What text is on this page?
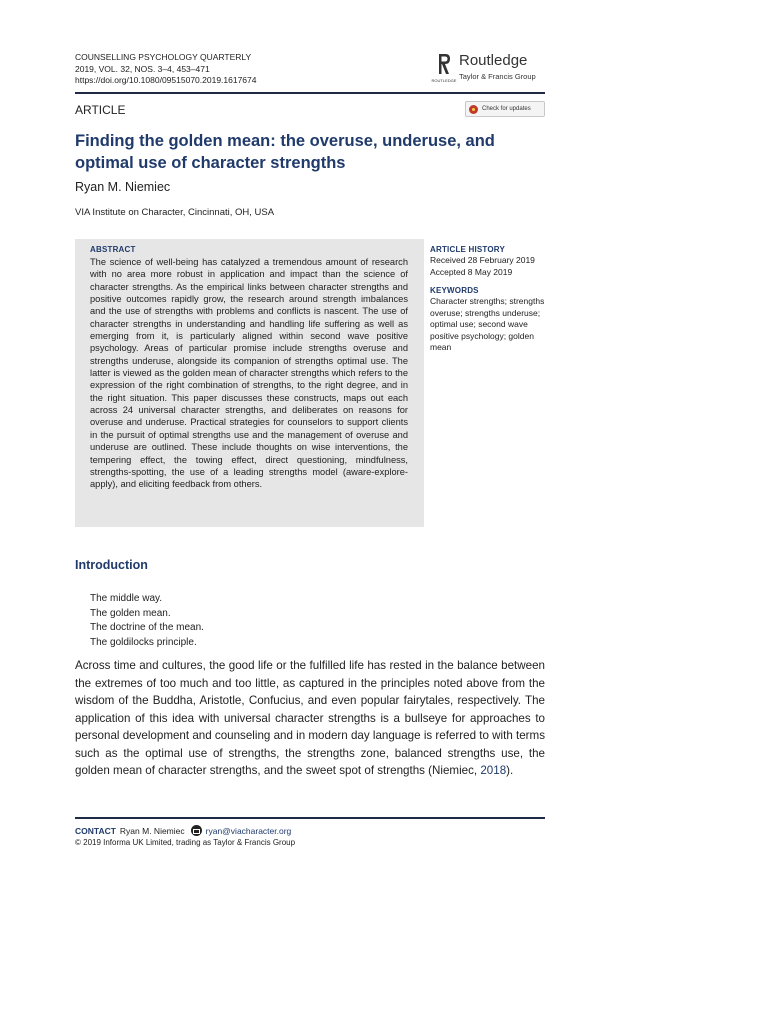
COUNSELLING PSYCHOLOGY QUARTERLY
2019, VOL. 32, NOS. 3–4, 453–471
https://doi.org/10.1080/09515070.2019.1617674	ROUTLEDGE
Routledge
Taylor & Francis Group
ARTICLE	Check for updates
Finding the golden mean: the overuse, underuse, and optimal use of character strengths
Ryan M. Niemiec
VIA Institute on Character, Cincinnati, OH, USA
ABSTRACT
The science of well-being has catalyzed a tremendous amount of research with no area more robust in application and impact than the science of character strengths. As the empirical links between character strengths and positive outcomes rapidly grow, the research around strength imbalances and the use of strengths with problems and conflicts is nascent. The use of character strengths in understanding and handling life suffering as well as emerging from it, is particularly aligned within second wave positive psychology. Areas of particular promise include strengths overuse and strengths underuse, alongside its companion of strengths optimal use. The latter is viewed as the golden mean of character strengths which refers to the expression of the right combination of strengths, to the right degree, and in the right situation. This paper discusses these constructs, maps out each across 24 universal character strengths, and deliberates on reasons for overuse and underuse. Practical strategies for counselors to support clients in the pursuit of optimal strengths use and the management of overuse and underuse are outlined. These include thoughts on wise interventions, the tempering effect, the towing effect, direct questioning, mindfulness, strengths-spotting, the use of a leading strengths model (aware-explore-apply), and eliciting feedback from others.
ARTICLE HISTORY
Received 28 February 2019
Accepted 8 May 2019
KEYWORDS
Character strengths; strengths overuse; strengths underuse; optimal use; second wave positive psychology; golden mean
Introduction
The middle way.
The golden mean.
The doctrine of the mean.
The goldilocks principle.
Across time and cultures, the good life or the fulfilled life has rested in the balance between the extremes of too much and too little, as captured in the principles noted above from the wisdom of the Buddha, Aristotle, Confucius, and even popular fairytales, respectively. The application of this idea with universal character strengths is a bullseye for approaches to personal development and counseling and in modern day language is referred to with terms such as the optimal use of strengths, the strengths zone, balanced strengths use, the golden mean of character strengths, and the sweet spot of strengths (Niemiec, 2018).
CONTACT Ryan M. Niemiec ryan@viacharacter.org
© 2019 Informa UK Limited, trading as Taylor & Francis Group
